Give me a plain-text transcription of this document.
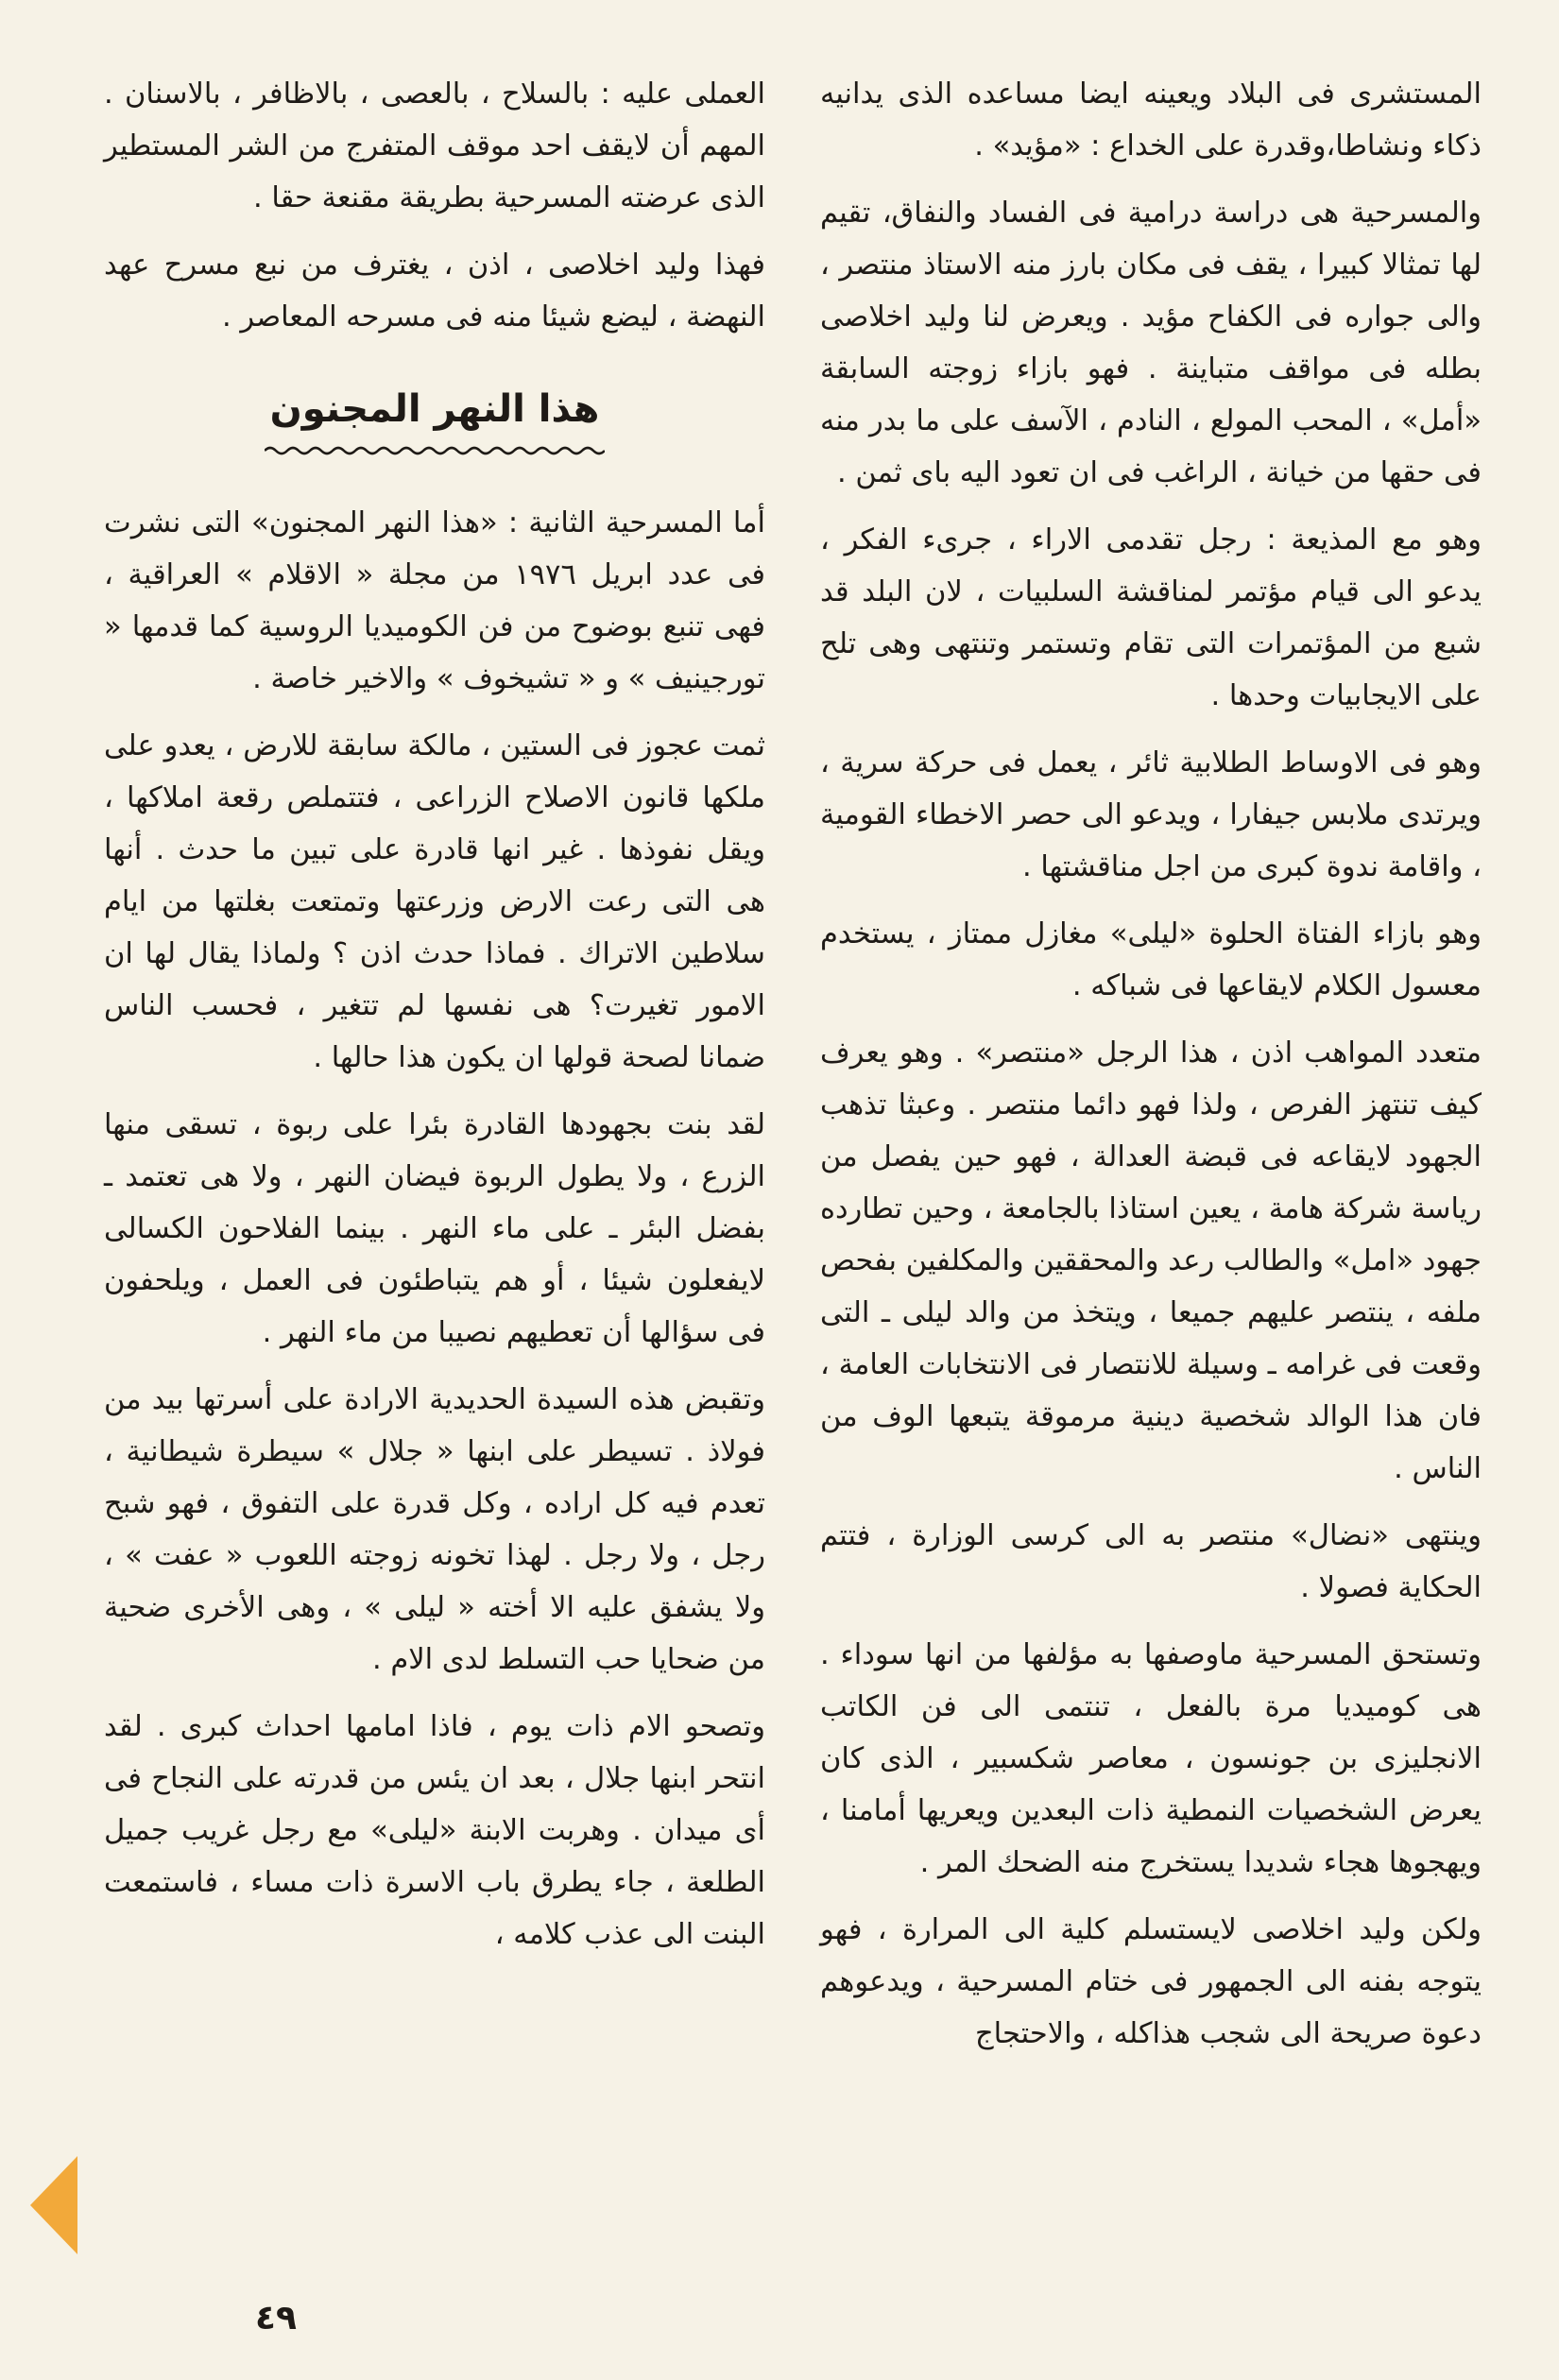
المستشرى فى البلاد ويعينه ايضا مساعده الذى يدانيه ذكاء ونشاطا،وقدرة على الخداع : «مؤيد» .

والمسرحية هى دراسة درامية فى الفساد والنفاق، تقيم لها تمثالا كبيرا ، يقف فى مكان بارز منه الاستاذ منتصر ، والى جواره فى الكفاح مؤيد . ويعرض لنا وليد اخلاصى بطله فى مواقف متباينة . فهو بازاء زوجته السابقة «أمل» ، المحب المولع ، النادم ، الآسف على ما بدر منه فى حقها من خيانة ، الراغب فى ان تعود اليه باى ثمن .

وهو مع المذيعة : رجل تقدمى الاراء ، جرىء الفكر ، يدعو الى قيام مؤتمر لمناقشة السلبيات ، لان البلد قد شبع من المؤتمرات التى تقام وتستمر وتنتهى وهى تلح على الايجابيات وحدها .

وهو فى الاوساط الطلابية ثائر ، يعمل فى حركة سرية ، ويرتدى ملابس جيفارا ، ويدعو الى حصر الاخطاء القومية ، واقامة ندوة كبرى من اجل مناقشتها .

وهو بازاء الفتاة الحلوة «ليلى» مغازل ممتاز ، يستخدم معسول الكلام لايقاعها فى شباكه .

متعدد المواهب اذن ، هذا الرجل «منتصر» . وهو يعرف كيف تنتهز الفرص ، ولذا فهو دائما منتصر . وعبثا تذهب الجهود لايقاعه فى قبضة العدالة ، فهو حين يفصل من رياسة شركة هامة ، يعين استاذا بالجامعة ، وحين تطارده جهود «امل» والطالب رعد والمحققين والمكلفين بفحص ملفه ، ينتصر عليهم جميعا ، ويتخذ من والد ليلى ـ التى وقعت فى غرامه ـ وسيلة للانتصار فى الانتخابات العامة ، فان هذا الوالد شخصية دينية مرموقة يتبعها الوف من الناس .

وينتهى «نضال» منتصر به الى كرسى الوزارة ، فتتم الحكاية فصولا .

وتستحق المسرحية ماوصفها به مؤلفها من انها سوداء . هى كوميديا مرة بالفعل ، تنتمى الى فن الكاتب الانجليزى بن جونسون ، معاصر شكسبير ، الذى كان يعرض الشخصيات النمطية ذات البعدين ويعريها أمامنا ، ويهجوها هجاء شديدا يستخرج منه الضحك المر .

ولكن وليد اخلاصى لايستسلم كلية الى المرارة ، فهو يتوجه بفنه الى الجمهور فى ختام المسرحية ، ويدعوهم دعوة صريحة الى شجب هذاكله ، والاحتجاج

العملى عليه : بالسلاح ، بالعصى ، بالاظافر ، بالاسنان . المهم أن لايقف احد موقف المتفرج من الشر المستطير الذى عرضته المسرحية بطريقة مقنعة حقا .

فهذا وليد اخلاصى ، اذن ، يغترف من نبع مسرح عهد النهضة ، ليضع شيئا منه فى مسرحه المعاصر .

هذا النهر المجنون

أما المسرحية الثانية : «هذا النهر المجنون» التى نشرت فى عدد ابريل ١٩٧٦ من مجلة « الاقلام » العراقية ، فهى تنبع بوضوح من فن الكوميديا الروسية كما قدمها « تورجينيف » و « تشيخوف » والاخير خاصة .

ثمت عجوز فى الستين ، مالكة سابقة للارض ، يعدو على ملكها قانون الاصلاح الزراعى ، فتتملص رقعة املاكها ، ويقل نفوذها . غير انها قادرة على تبين ما حدث . أنها هى التى رعت الارض وزرعتها وتمتعت بغلتها من ايام سلاطين الاتراك . فماذا حدث اذن ؟ ولماذا يقال لها ان الامور تغيرت؟ هى نفسها لم تتغير ، فحسب الناس ضمانا لصحة قولها ان يكون هذا حالها .

لقد بنت بجهودها القادرة بئرا على ربوة ، تسقى منها الزرع ، ولا يطول الربوة فيضان النهر ، ولا هى تعتمد ـ بفضل البئر ـ على ماء النهر . بينما الفلاحون الكسالى لايفعلون شيئا ، أو هم يتباطئون فى العمل ، ويلحفون فى سؤالها أن تعطيهم نصيبا من ماء النهر .

وتقبض هذه السيدة الحديدية الارادة على أسرتها بيد من فولاذ . تسيطر على ابنها « جلال » سيطرة شيطانية ، تعدم فيه كل اراده ، وكل قدرة على التفوق ، فهو شبح رجل ، ولا رجل . لهذا تخونه زوجته اللعوب « عفت » ، ولا يشفق عليه الا أخته « ليلى » ، وهى الأخرى ضحية من ضحايا حب التسلط لدى الام .

وتصحو الام ذات يوم ، فاذا امامها احداث كبرى . لقد انتحر ابنها جلال ، بعد ان يئس من قدرته على النجاح فى أى ميدان . وهربت الابنة «ليلى» مع رجل غريب جميل الطلعة ، جاء يطرق باب الاسرة ذات مساء ، فاستمعت البنت الى عذب كلامه ،

٤٩
